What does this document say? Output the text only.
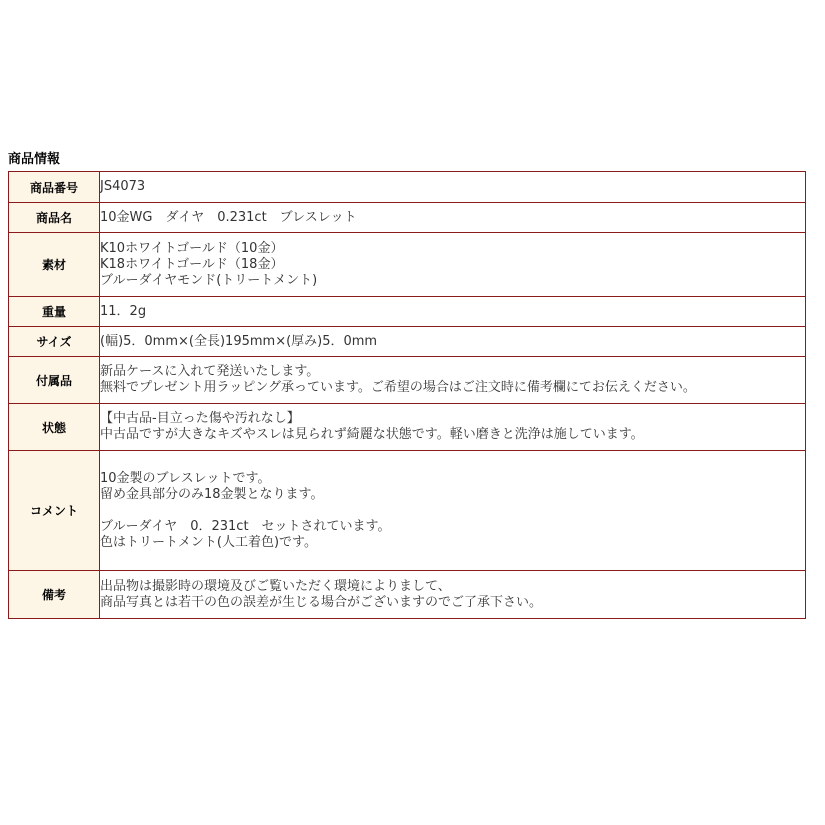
商品情報
商品番号	JS4073

商品名	10金WG　ダイヤ　0.231ct　ブレスレット

素材	K10ホワイトゴールド（10金）
K18ホワイトゴールド（18金）
ブルーダイヤモンド(トリートメント)

重量	11．2g

サイズ	(幅)5．0mm×(全長)195mm×(厚み)5．0mm

付属品	新品ケースに入れて発送いたします。
無料でプレゼント用ラッピング承っています。ご希望の場合はご注文時に備考欄にてお伝えください。

状態	【中古品-目立った傷や汚れなし】
中古品ですが大きなキズやスレは見られず綺麗な状態です。軽い磨きと洗浄は施しています。

コメント	10金製のブレスレットです。
留め金具部分のみ18金製となります。
ブルーダイヤ　0．231ct　セットされています。
色はトリートメント(人工着色)です。

備考	出品物は撮影時の環境及びご覧いただく環境によりまして、
商品写真とは若干の色の誤差が生じる場合がございますのでご了承下さい。
